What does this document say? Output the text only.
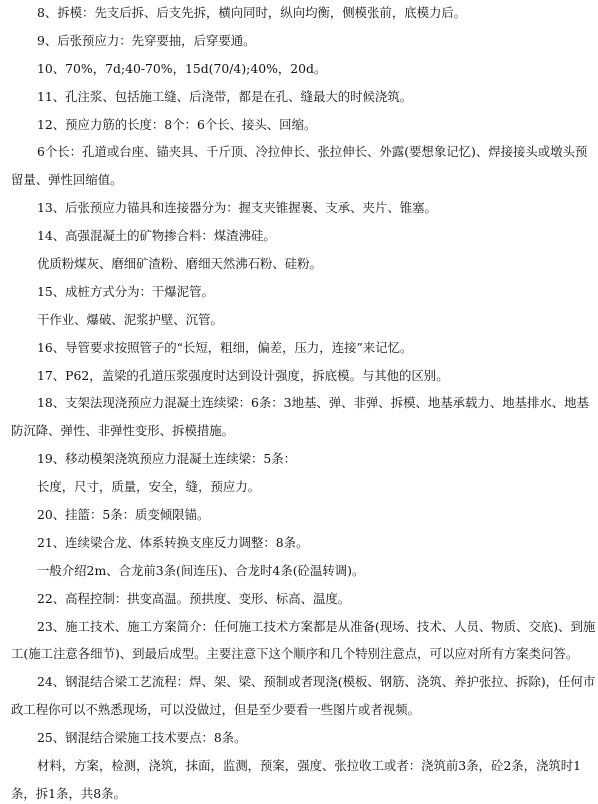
8、拆模：先支后拆、后支先拆，横向同时，纵向均衡，侧模张前，底模力后。
9、后张预应力：先穿要抽，后穿要通。
10、70%，7d;40-70%，15d(70/4);40%，20d。
11、孔注浆、包括施工缝、后浇带，都是在孔、缝最大的时候浇筑。
12、预应力筋的长度：8个：6个长、接头、回缩。
6个长：孔道或台座、锚夹具、千斤顶、冷拉伸长、张拉伸长、外露(要想象记忆)、焊接接头或墩头预
留量、弹性回缩值。
13、后张预应力锚具和连接器分为：握支夹锥握裹、支承、夹片、锥塞。
14、高强混凝土的矿物掺合料：煤渣沸硅。
优质粉煤灰、磨细矿渣粉、磨细天然沸石粉、硅粉。
15、成桩方式分为：干爆泥管。
干作业、爆破、泥浆护壁、沉管。
16、导管要求按照管子的“长短，粗细，偏差，压力，连接”来记忆。
17、P62，盖梁的孔道压浆强度时达到设计强度，拆底模。与其他的区别。
18、支架法现浇预应力混凝土连续梁：6条：3地基、弹、非弹、拆模、地基承载力、地基排水、地基
防沉降、弹性、非弹性变形、拆模措施。
19、移动模架浇筑预应力混凝土连续梁：5条：
长度，尺寸，质量，安全，缝，预应力。
20、挂篮：5条：质变倾限锚。
21、连续梁合龙、体系转换支座反力调整：8条。
一般介绍2m、合龙前3条(间连压)、合龙时4条(砼温转调)。
22、高程控制：拱变高温。预拱度、变形、标高、温度。
23、施工技术、施工方案简介：任何施工技术方案都是从准备(现场、技术、人员、物质、交底)、到施
工(施工注意各细节)、到最后成型。主要注意下这个顺序和几个特别注意点，可以应对所有方案类问答。
24、钢混结合梁工艺流程：焊、架、梁、预制或者现浇(模板、钢筋、浇筑、养护张拉、拆除)，任何市
政工程你可以不熟悉现场，可以没做过，但是至少要看一些图片或者视频。
25、钢混结合梁施工技术要点：8条。
材料，方案，检测，浇筑，抹面，监测，预案，强度、张拉收工或者：浇筑前3条，砼2条，浇筑时1
条，拆1条，共8条。
